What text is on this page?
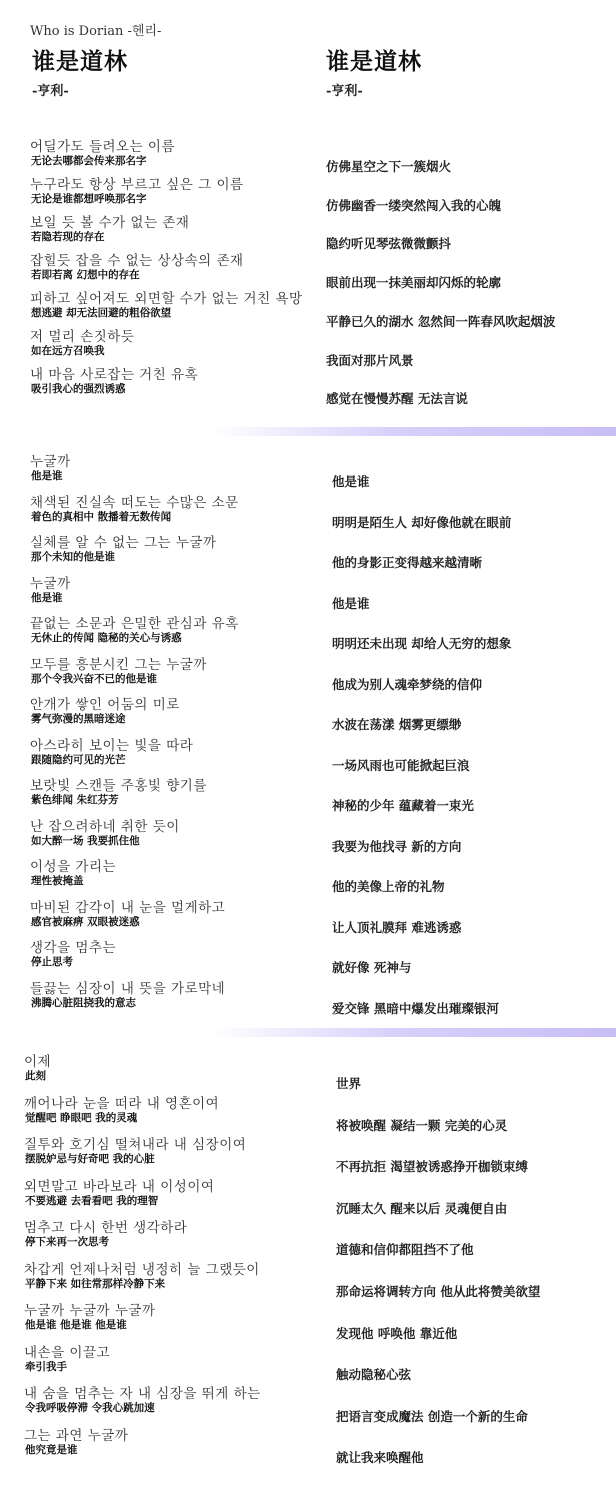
Who is Dorian -헨리-
谁是道林	谁是道林
-亨利-	-亨利-
어딜가도 들려오는 이름
无论去哪都会传来那名字
누구라도 항상 부르고 싶은 그 이름
无论是谁都想呼唤那名字
보일 듯 볼 수가 없는 존재
若隐若现的存在
잡힐듯 잡을 수 없는 상상속의 존재
若即若离 幻想中的存在
피하고 싶어져도 외면할 수가 없는 거친 욕망
想逃避 却无法回避的粗俗欲望
저 멀리 손짓하듯
如在远方召唤我
내 마음 사로잡는 거친 유혹
吸引我心的强烈诱惑
仿佛星空之下一簇烟火
仿佛幽香一缕突然闯入我的心魄
隐约听见琴弦微微颤抖
眼前出现一抹美丽却闪烁的轮廓
平静已久的湖水 忽然间一阵春风吹起烟波
我面对那片风景
感觉在慢慢苏醒 无法言说
누굴까
他是谁
채색된 진실속 떠도는 수많은 소문
着色的真相中 散播着无数传闻
실체를 알 수 없는 그는 누굴까
那个未知的他是谁
누굴까
他是谁
끝없는 소문과 은밀한 관심과 유혹
无休止的传闻 隐秘的关心与诱惑
모두를 흥분시킨 그는 누굴까
那个令我兴奋不已的他是谁
안개가 쌓인 어둠의 미로
雾气弥漫的黑暗迷途
아스라히 보이는 빛을 따라
跟随隐约可见的光芒
보랏빛 스캔들 주홍빛 향기를
紫色绯闻 朱红芬芳
난 잡으려하네 취한 듯이
如大醉一场 我要抓住他
이성을 가리는
理性被掩盖
마비된 감각이 내 눈을 멀게하고
感官被麻痹 双眼被迷惑
생각을 멈추는
停止思考
들끓는 심장이 내 뜻을 가로막네
沸腾心脏阻挠我的意志
他是谁
明明是陌生人 却好像他就在眼前
他的身影正变得越来越清晰
他是谁
明明还未出现 却给人无穷的想象
他成为别人魂牵梦绕的信仰
水波在荡漾 烟雾更缥缈
一场风雨也可能掀起巨浪
神秘的少年 蕴藏着一束光
我要为他找寻 新的方向
他的美像上帝的礼物
让人顶礼膜拜 难逃诱惑
就好像 死神与
爱交锋 黑暗中爆发出璀璨银河
이제
此刻
깨어나라 눈을 떠라 내 영혼이여
觉醒吧 睁眼吧 我的灵魂
질투와 호기심 떨쳐내라 내 심장이여
摆脱妒忌与好奇吧 我的心脏
외면말고 바라보라 내 이성이여
不要逃避 去看看吧 我的理智
멈추고 다시 한번 생각하라
停下来再一次思考
차갑게 언제나처럼 냉정히 늘 그랬듯이
平静下来 如往常那样冷静下来
누굴까 누굴까 누굴까
他是谁 他是谁 他是谁
내손을 이끌고
牵引我手
내 숨을 멈추는 자 내 심장을 뛰게 하는
令我呼吸停滞 令我心跳加速
그는 과연 누굴까
他究竟是谁
世界
将被唤醒 凝结一颗 完美的心灵
不再抗拒 渴望被诱惑挣开枷锁束缚
沉睡太久 醒来以后 灵魂便自由
道德和信仰都阻挡不了他
那命运将调转方向 他从此将赞美欲望
发现他 呼唤他 靠近他
触动隐秘心弦
把语言变成魔法 创造一个新的生命
就让我来唤醒他
